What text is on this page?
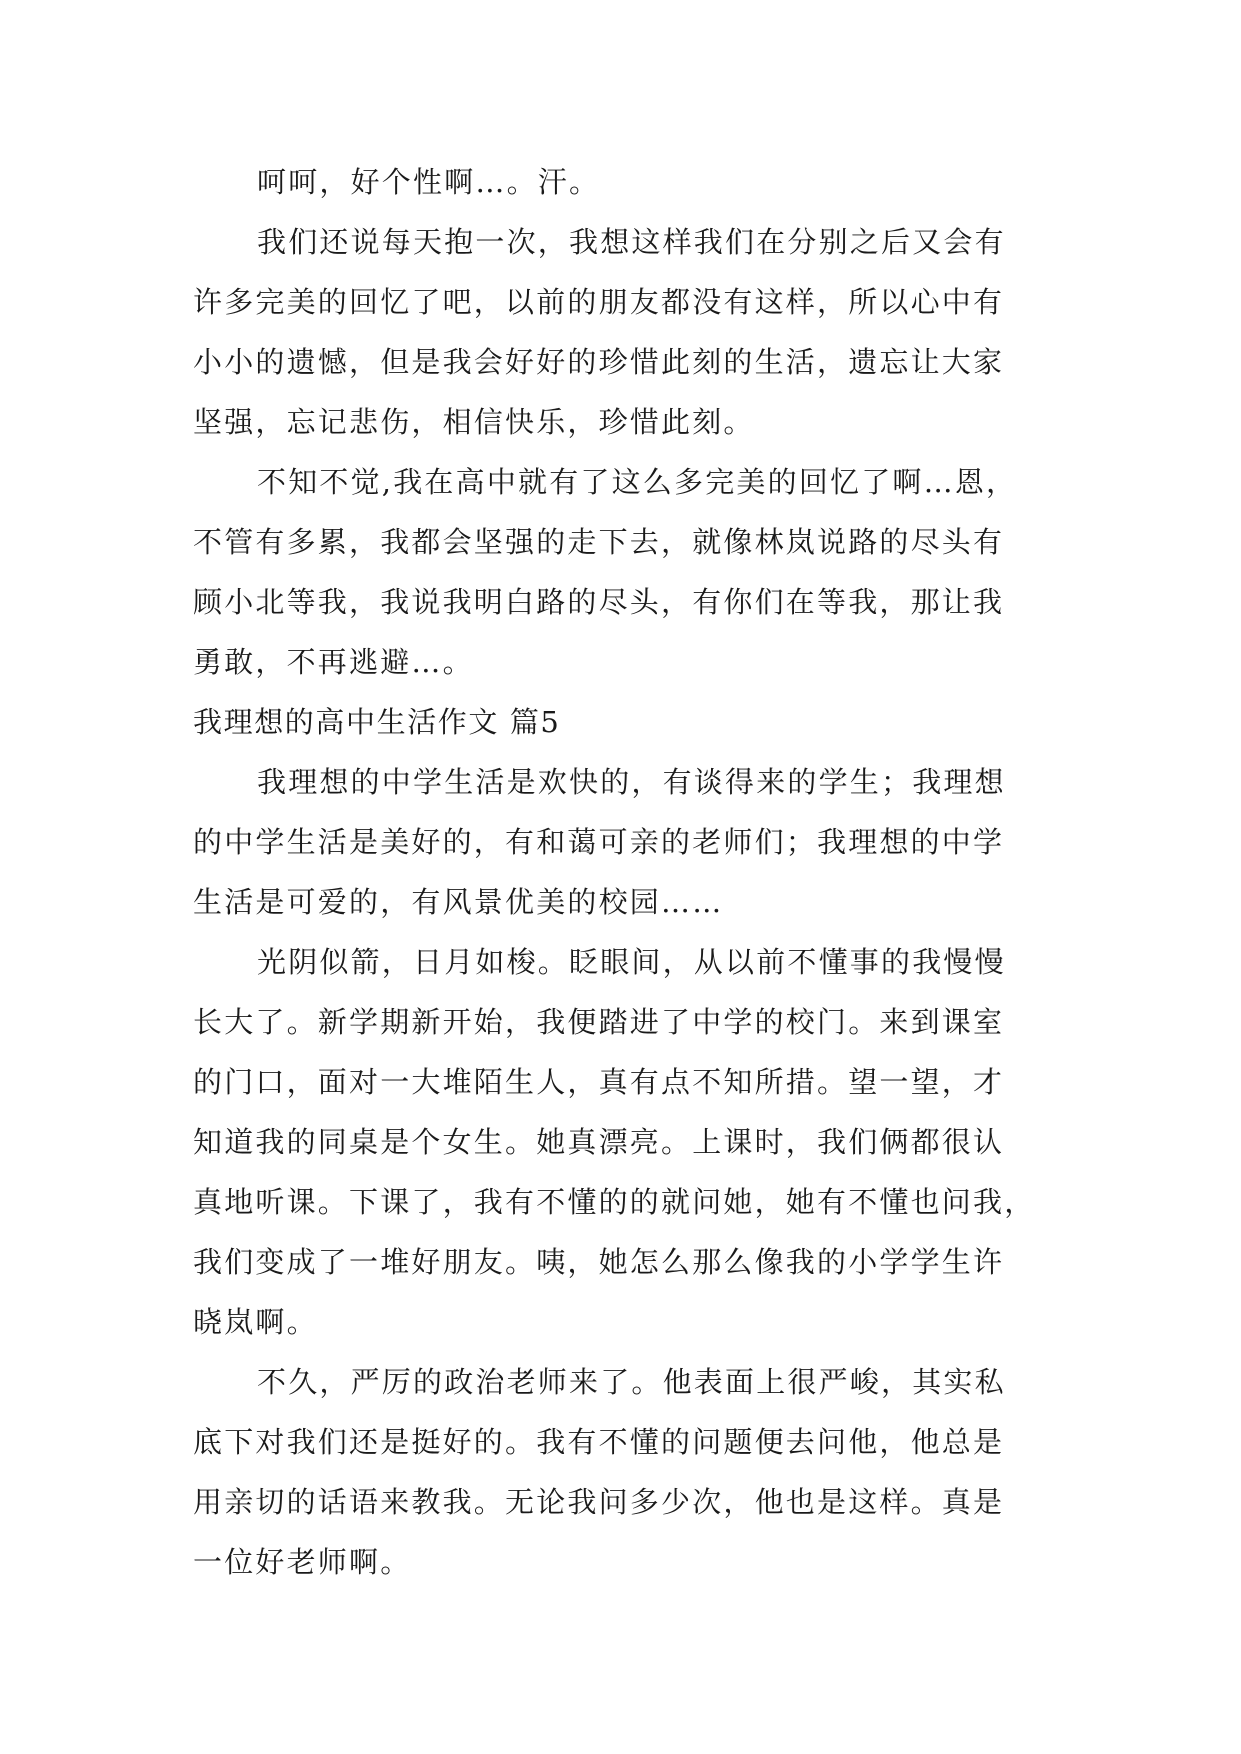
呵呵，好个性啊…。汗。

我们还说每天抱一次，我想这样我们在分别之后又会有
许多完美的回忆了吧，以前的朋友都没有这样，所以心中有
小小的遗憾，但是我会好好的珍惜此刻的生活，遗忘让大家
坚强，忘记悲伤，相信快乐，珍惜此刻。

不知不觉,我在高中就有了这么多完美的回忆了啊…恩，
不管有多累，我都会坚强的走下去，就像林岚说路的尽头有
顾小北等我，我说我明白路的尽头，有你们在等我，那让我
勇敢，不再逃避…。

我理想的高中生活作文 篇5

我理想的中学生活是欢快的，有谈得来的学生；我理想
的中学生活是美好的，有和蔼可亲的老师们；我理想的中学
生活是可爱的，有风景优美的校园……

光阴似箭，日月如梭。眨眼间，从以前不懂事的我慢慢
长大了。新学期新开始，我便踏进了中学的校门。来到课室
的门口，面对一大堆陌生人，真有点不知所措。望一望，才
知道我的同桌是个女生。她真漂亮。上课时，我们俩都很认
真地听课。下课了，我有不懂的的就问她，她有不懂也问我，
我们变成了一堆好朋友。咦，她怎么那么像我的小学学生许
晓岚啊。

不久，严厉的政治老师来了。他表面上很严峻，其实私
底下对我们还是挺好的。我有不懂的问题便去问他，他总是
用亲切的话语来教我。无论我问多少次，他也是这样。真是
一位好老师啊。
